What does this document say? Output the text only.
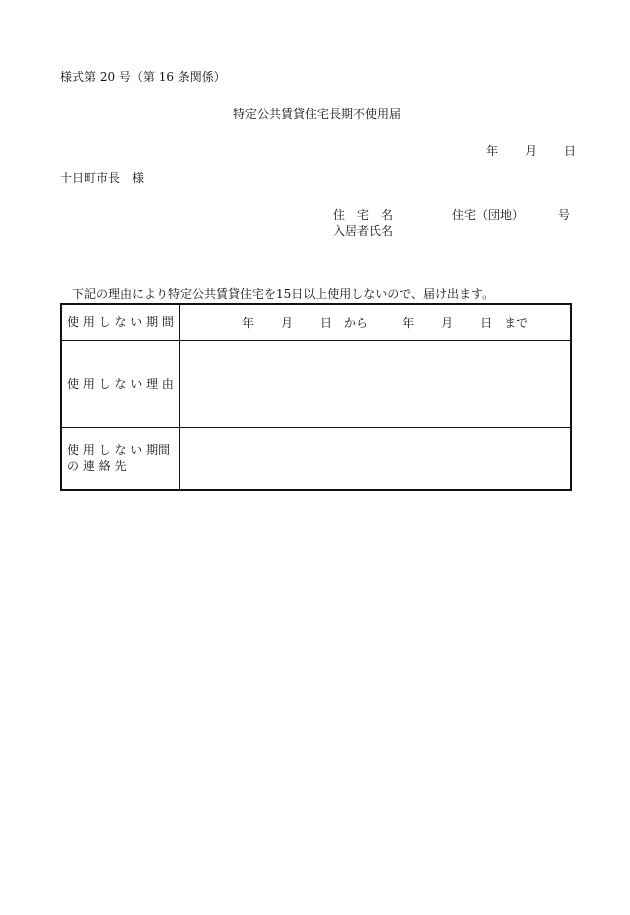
様式第 20 号（第 16 条関係）
特定公共賃貸住宅長期不使用届
年 月 日
十日町市長　様
住　宅　名	住宅（団地）	号
入居者氏名
下記の理由により特定公共賃貸住宅を15日以上使用しないので、届け出ます。
使 用 し な い 期 間	年 月 日 から 年 月 日 まで
使 用 し な い 理 由	

使 用 し な い 期間
の 連 絡 先	
